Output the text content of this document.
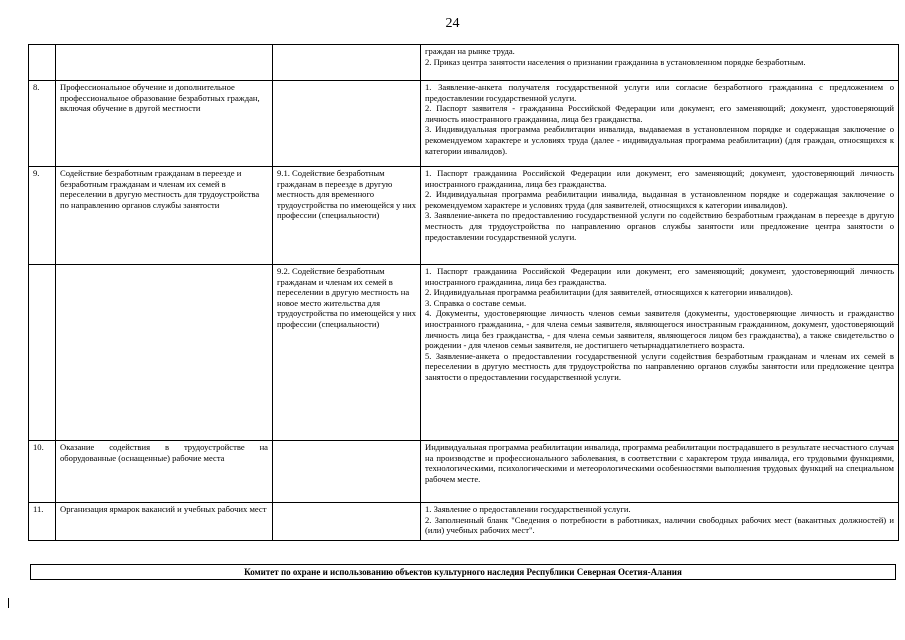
24

			граждан на рынке труда.
2. Приказ центра занятости населения о признании гражданина в установленном порядке безработным.

8.	Профессиональное обучение и дополнительное профессиональное образование безработных граждан, включая обучение в другой местности		1. Заявление-анкета получателя государственной услуги или согласие безработного гражданина с предложением о предоставлении государственной услуги.
2. Паспорт заявителя - гражданина Российской Федерации или документ, его заменяющий; документ, удостоверяющий личность иностранного гражданина, лица без гражданства.
3. Индивидуальная программа реабилитации инвалида, выдаваемая в установленном порядке и содержащая заключение о рекомендуемом характере и условиях труда (далее - индивидуальная программа реабилитации) (для граждан, относящихся к категории инвалидов).

9.	Содействие безработным гражданам в переезде и безработным гражданам и членам их семей в переселении в другую местность для трудоустройства по направлению органов службы занятости	9.1. Содействие безработным гражданам в переезде в другую местность для временного трудоустройства по имеющейся у них профессии (специальности)	1. Паспорт гражданина Российской Федерации или документ, его заменяющий; документ, удостоверяющий личность иностранного гражданина, лица без гражданства.
2. Индивидуальная программа реабилитации инвалида, выданная в установленном порядке и содержащая заключение о рекомендуемом характере и условиях труда (для заявителей, относящихся к категории инвалидов).
3. Заявление-анкета по предоставлению государственной услуги по содействию безработным гражданам в переезде в другую местность для трудоустройства по направлению органов службы занятости или предложение центра занятости о предоставлении государственной услуги.

		9.2. Содействие безработным гражданам и членам их семей в переселении в другую местность на новое место жительства для трудоустройства по имеющейся у них профессии (специальности)	1. Паспорт гражданина Российской Федерации или документ, его заменяющий; документ, удостоверяющий личность иностранного гражданина, лица без гражданства.
2. Индивидуальная программа реабилитации (для заявителей, относящихся к категории инвалидов).
3. Справка о составе семьи.
4. Документы, удостоверяющие личность членов семьи заявителя (документы, удостоверяющие личность и гражданство иностранного гражданина, - для члена семьи заявителя, являющегося иностранным гражданином, документ, удостоверяющий личность лица без гражданства, - для члена семьи заявителя, являющегося лицом без гражданства), а также свидетельство о рождении - для членов семьи заявителя, не достигшего четырнадцатилетнего возраста.
5. Заявление-анкета о предоставлении государственной услуги содействия безработным гражданам и членам их семей в переселении в другую местность для трудоустройства по направлению органов службы занятости или предложение центра занятости о предоставлении государственной услуги.

10.	Оказание содействия в трудоустройстве на оборудованные (оснащенные) рабочие места		Индивидуальная программа реабилитации инвалида, программа реабилитации пострадавшего в результате несчастного случая на производстве и профессионального заболевания, в соответствии с характером труда инвалида, его трудовыми функциями, технологическими, психологическими и метеорологическими особенностями выполнения трудовых функций на специальном рабочем месте.

11.	Организация ярмарок вакансий и учебных рабочих мест		1. Заявление о предоставлении государственной услуги.
2. Заполненный бланк "Сведения о потребности в работниках, наличии свободных рабочих мест (вакантных должностей) и (или) учебных рабочих мест".
Комитет по охране и использованию объектов культурного наследия Республики Северная Осетия-Алания
